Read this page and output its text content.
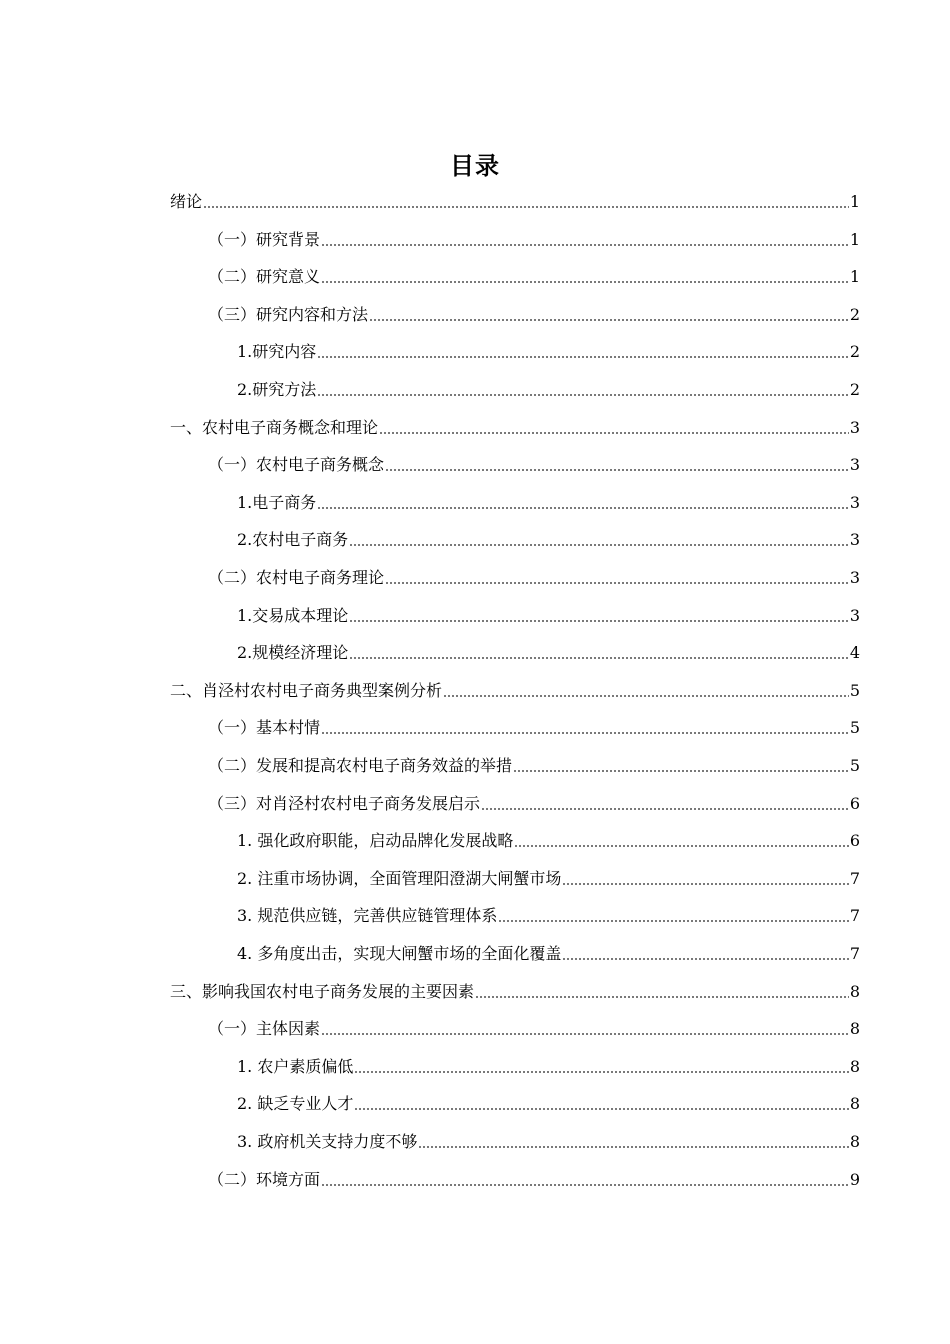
目录
绪论	1
（一）研究背景	1
（二）研究意义	1
（三）研究内容和方法	2
1.研究内容	2
2.研究方法	2
一、农村电子商务概念和理论	3
（一）农村电子商务概念	3
1.电子商务	3
2.农村电子商务	3
（二）农村电子商务理论	3
1.交易成本理论	3
2.规模经济理论	4
二、肖泾村农村电子商务典型案例分析	5
（一）基本村情	5
（二）发展和提高农村电子商务效益的举措	5
（三）对肖泾村农村电子商务发展启示	6
1. 强化政府职能，启动品牌化发展战略	6
2. 注重市场协调，全面管理阳澄湖大闸蟹市场	7
3. 规范供应链，完善供应链管理体系	7
4. 多角度出击，实现大闸蟹市场的全面化覆盖	7
三、影响我国农村电子商务发展的主要因素	8
（一）主体因素	8
1. 农户素质偏低	8
2. 缺乏专业人才	8
3. 政府机关支持力度不够	8
（二）环境方面	9
